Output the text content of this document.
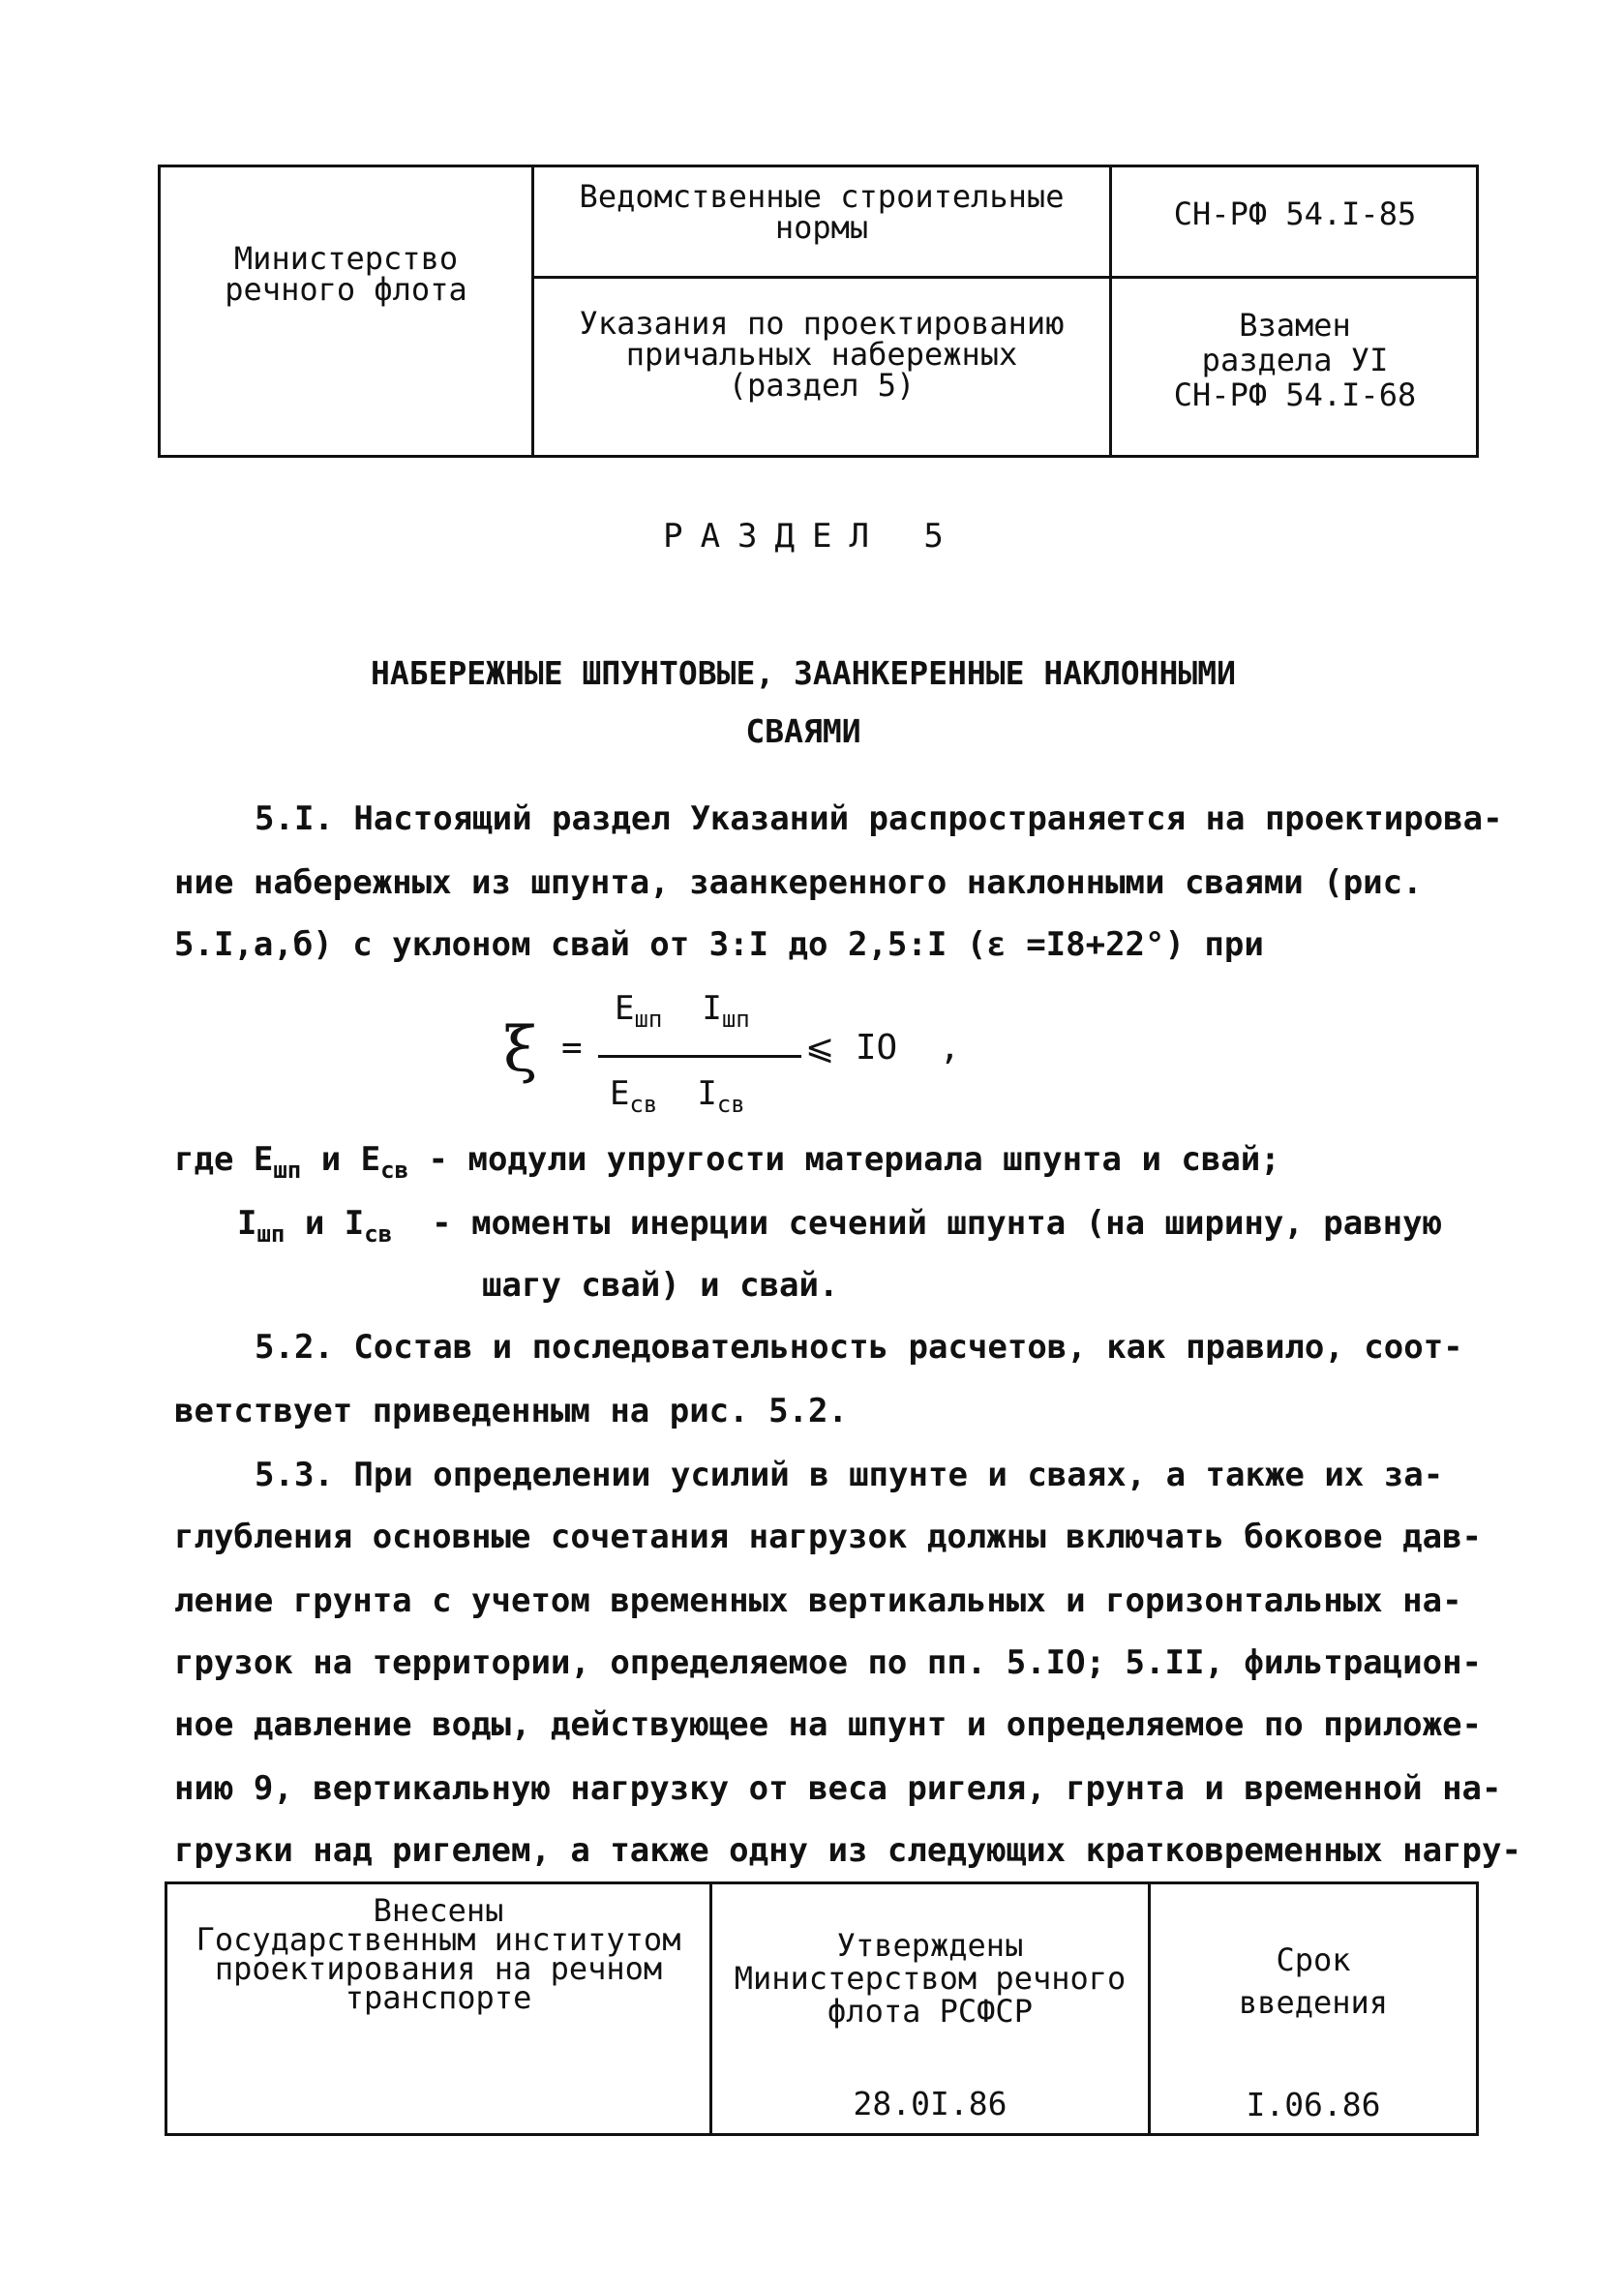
Министерство
речного флота
Ведомственные строительные
нормы	СН-РФ 54.I-85
Указания по проектированию
причальных набережных
(раздел 5)
Взамен
раздела УI
СН-РФ 54.I-68
РАЗДЕЛ 5
НАБЕРЕЖНЫЕ ШПУНТОВЫЕ, ЗААНКЕРЕННЫЕ НАКЛОННЫМИ СВАЯМИ
5.I. Настоящий раздел Указаний распространяется на проектирова-
ние набережных из шпунта, заанкеренного наклонными сваями (рис.
5.I,а,б) с уклоном свай от 3:I до 2,5:I (ε =I8+22°) при
ξ =
$E_{шп}$ $I_{шп}$
$E_{св}$ $I_{св}$
⩽ IO  ,
где $E_{шп}$ и $E_{св}$ - модули упругости материала шпунта и свай;
$I_{шп}$ и $I_{св}$  - моменты инерции сечений шпунта (на ширину, равную
шагу свай) и свай.
5.2. Состав и последовательность расчетов, как правило, соот-
ветствует приведенным на рис. 5.2.
5.3. При определении усилий в шпунте и сваях, а также их за-
глубления основные сочетания нагрузок должны включать боковое дав-
ление грунта с учетом временных вертикальных и горизонтальных на-
грузок на территории, определяемое по пп. 5.IO; 5.II, фильтрацион-
ное давление воды, действующее на шпунт и определяемое по приложе-
нию 9, вертикальную нагрузку от веса ригеля, грунта и временной на-
грузки над ригелем, а также одну из следующих кратковременных нагру-
Внесены
Государственным институтом
проектирования на речном
транспорте

Утверждены

Министерством речного
флота РСФСР

28.0I.86

Срок
введения

I.06.86
